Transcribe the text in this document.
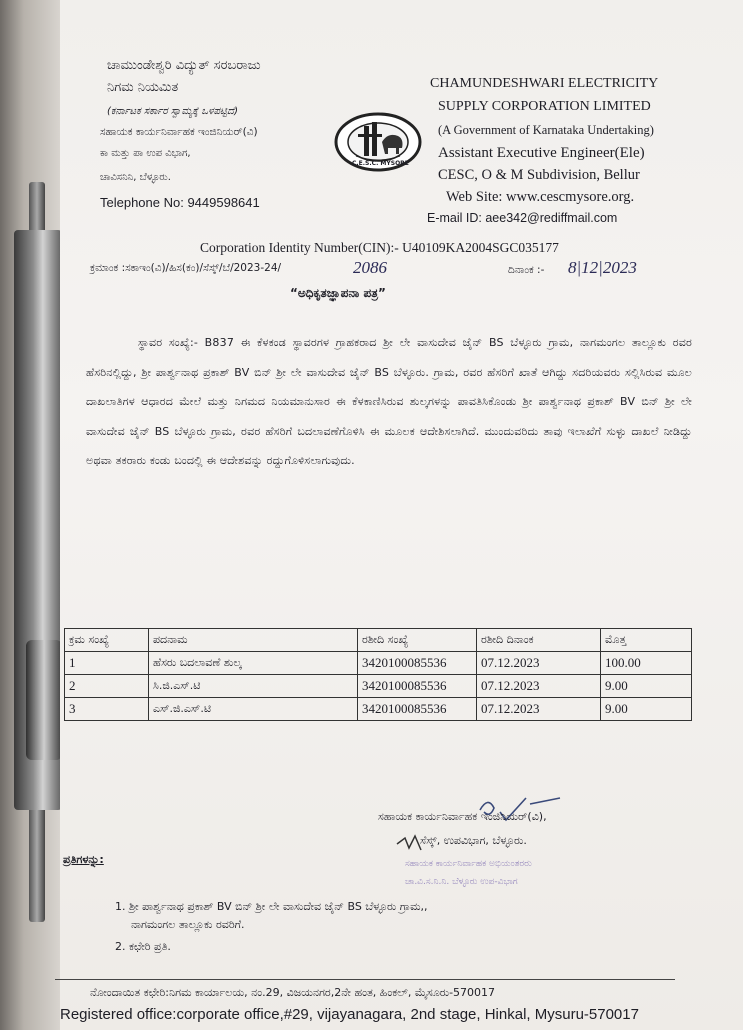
ಚಾಮುಂಡೇಶ್ವರಿ ವಿದ್ಯುತ್ ಸರಬರಾಜು
ನಿಗಮ ನಿಯಮಿತ
(ಕರ್ನಾಟಕ ಸರ್ಕಾರ ಸ್ವಾಮ್ಯಕ್ಕೆ ಒಳಪಟ್ಟಿದೆ)
ಸಹಾಯಕ ಕಾರ್ಯನಿರ್ವಾಹಕ ಇಂಜಿನಿಯರ್(ವಿ)
ಕಾ ಮತ್ತು ಪಾ ಉಪ ವಿಭಾಗ,
ಚಾವಿಸನಿನಿ, ಬೆಳ್ಳೂರು.
Telephone No: 9449598641
C.E.S.C. MYSORE
CHAMUNDESHWARI ELECTRICITY
SUPPLY CORPORATION LIMITED
(A Government of Karnataka Undertaking)
Assistant Executive Engineer(Ele)
CESC, O & M Subdivision, Bellur
Web Site: www.cescmysore.org.
E-mail ID: aee342@rediffmail.com
Corporation Identity Number(CIN):- U40109KA2004SGC035177
ಕ್ರಮಾಂಕ :ಸಕಾಇಂ(ವಿ)/ಹಿಸ(ಕಂ)/ಸೆಸ್ಕ್/ಬೆ/2023-24/	2086	ದಿನಾಂಕ :- 8|12|2023
“ಅಧಿಕೃತಜ್ಞಾಪನಾ ಪತ್ರ”

ಸ್ಥಾವರ ಸಂಖ್ಯೆ:- B837 ಈ ಕೆಳಕಂಡ ಸ್ಥಾವರಗಳ ಗ್ರಾಹಕರಾದ ಶ್ರೀ ಲೇ ವಾಸುದೇವ ಜೈನ್ BS ಬೆಳ್ಳೂರು ಗ್ರಾಮ, ನಾಗಮಂಗಲ ತಾಲ್ಲೂಕು ರವರ ಹೆಸರಿನಲ್ಲಿದ್ದು, ಶ್ರೀ ಪಾರ್ಶ್ವನಾಥ ಪ್ರಕಾಶ್ BV ಬಿನ್ ಶ್ರೀ ಲೇ ವಾಸುದೇವ ಜೈನ್ BS ಬೆಳ್ಳೂರು. ಗ್ರಾಮ, ರವರ ಹೆಸರಿಗೆ ಖಾತೆ ಆಗಿದ್ದು ಸದರಿಯವರು ಸಲ್ಲಿಸಿರುವ ಮೂಲ ದಾಖಲಾತಿಗಳ ಆಧಾರದ ಮೇಲೆ ಮತ್ತು ನಿಗಮದ ನಿಯಮಾನುಸಾರ ಈ ಕೆಳಕಾಣಿಸಿರುವ ಶುಲ್ಕಗಳನ್ನು ಪಾವತಿಸಿಕೊಂಡು ಶ್ರೀ ಪಾರ್ಶ್ವನಾಥ ಪ್ರಕಾಶ್ BV ಬಿನ್ ಶ್ರೀ ಲೇ ವಾಸುದೇವ ಜೈನ್ BS ಬೆಳ್ಳೂರು ಗ್ರಾಮ, ರವರ ಹೆಸರಿಗೆ ಬದಲಾವಣೆಗೊಳಿಸಿ ಈ ಮೂಲಕ ಆದೇಶಿಸಲಾಗಿದೆ. ಮುಂದುವರಿದು ತಾವು ಇಲಾಖೆಗೆ ಸುಳ್ಳು ದಾಖಲೆ ನೀಡಿದ್ದು ಅಥವಾ ತಕರಾರು ಕಂಡು ಬಂದಲ್ಲಿ ಈ ಆದೇಶವನ್ನು ರದ್ದುಗೊಳಿಸಲಾಗುವುದು.

ಕ್ರಮ ಸಂಖ್ಯೆ	ಪದನಾಮ	ರಶೀದಿ ಸಂಖ್ಯೆ	ರಶೀದಿ ದಿನಾಂಕ	ಮೊತ್ತ
1	ಹೆಸರು ಬದಲಾವಣೆ ಶುಲ್ಕ	3420100085536	07.12.2023	100.00
2	ಸಿ.ಜಿ.ಎಸ್.ಟಿ	3420100085536	07.12.2023	9.00
3	ಎಸ್.ಜಿ.ಎಸ್.ಟಿ	3420100085536	07.12.2023	9.00
ಸಹಾಯಕ ಕಾರ್ಯನಿರ್ವಾಹಕ ಇಂಜಿನಿಯರ್(ವಿ),
ಸೆಸ್ಕ್, ಉಪವಿಭಾಗ, ಬೆಳ್ಳೂರು.
ಸಹಾಯಕ ಕಾರ್ಯನಿರ್ವಾಹಕ ಅಭಿಯಂತರರು
ಚಾ.ವಿ.ಸ.ನಿ.ನಿ. ಬೆಳ್ಳೂರು ಉಪ-ವಿಭಾಗ
ಪ್ರತಿಗಳನ್ನು:
1. ಶ್ರೀ ಪಾರ್ಶ್ವನಾಥ ಪ್ರಕಾಶ್ BV ಬಿನ್ ಶ್ರೀ ಲೇ ವಾಸುದೇವ ಜೈನ್ BS ಬೆಳ್ಳೂರು ಗ್ರಾಮ,,
ನಾಗಮಂಗಲ ತಾಲ್ಲೂಕು ರವರಿಗೆ.
2. ಕಛೇರಿ ಪ್ರತಿ.
ನೋಂದಾಯಿತ ಕಛೇರಿ:ನಿಗಮ ಕಾರ್ಯಾಲಯ, ನಂ.29, ವಿಜಯನಗರ,2ನೇ ಹಂತ, ಹಿಂಕಲ್, ಮೈಸೂರು-570017
Registered office:corporate office,#29, vijayanagara, 2nd stage, Hinkal, Mysuru-570017
